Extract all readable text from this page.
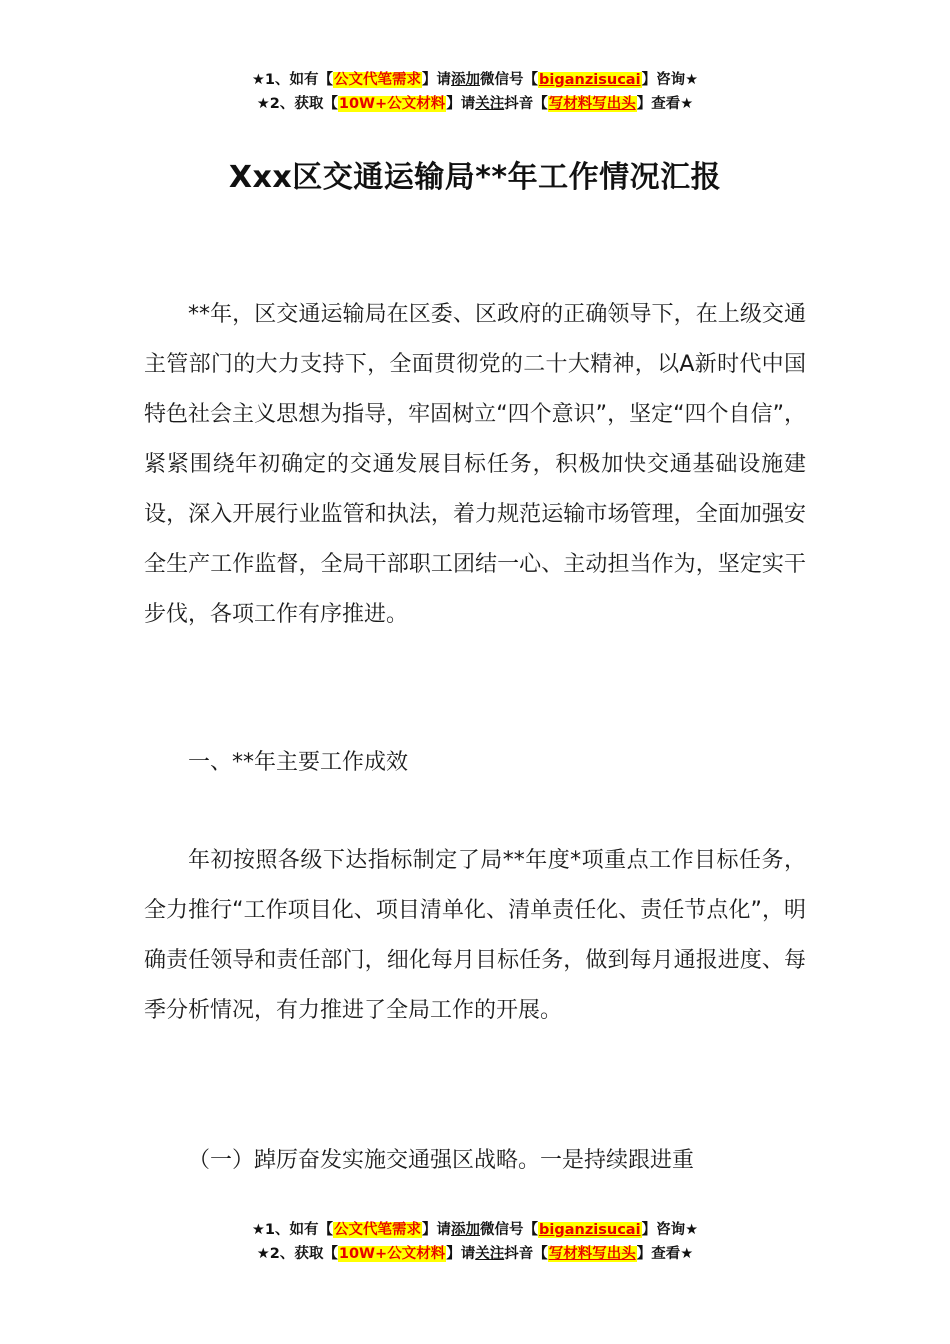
★1、如有【公文代笔需求】请添加微信号【biganzisucai】咨询★
★2、获取【10W+公文材料】请关注抖音【写材料写出头】查看★
Xxx区交通运输局**年工作情况汇报

**年，区交通运输局在区委、区政府的正确领导下，在上级交通主管部门的大力支持下，全面贯彻党的二十大精神，以A新时代中国特色社会主义思想为指导，牢固树立“四个意识”，坚定“四个自信”，紧紧围绕年初确定的交通发展目标任务，积极加快交通基础设施建设，深入开展行业监管和执法，着力规范运输市场管理，全面加强安全生产工作监督，全局干部职工团结一心、主动担当作为，坚定实干步伐，各项工作有序推进。

一、**年主要工作成效

年初按照各级下达指标制定了局**年度*项重点工作目标任务，全力推行“工作项目化、项目清单化、清单责任化、责任节点化”，明确责任领导和责任部门，细化每月目标任务，做到每月通报进度、每季分析情况，有力推进了全局工作的开展。

（一）踔厉奋发实施交通强区战略。一是持续跟进重

★1、如有【公文代笔需求】请添加微信号【biganzisucai】咨询★
★2、获取【10W+公文材料】请关注抖音【写材料写出头】查看★
